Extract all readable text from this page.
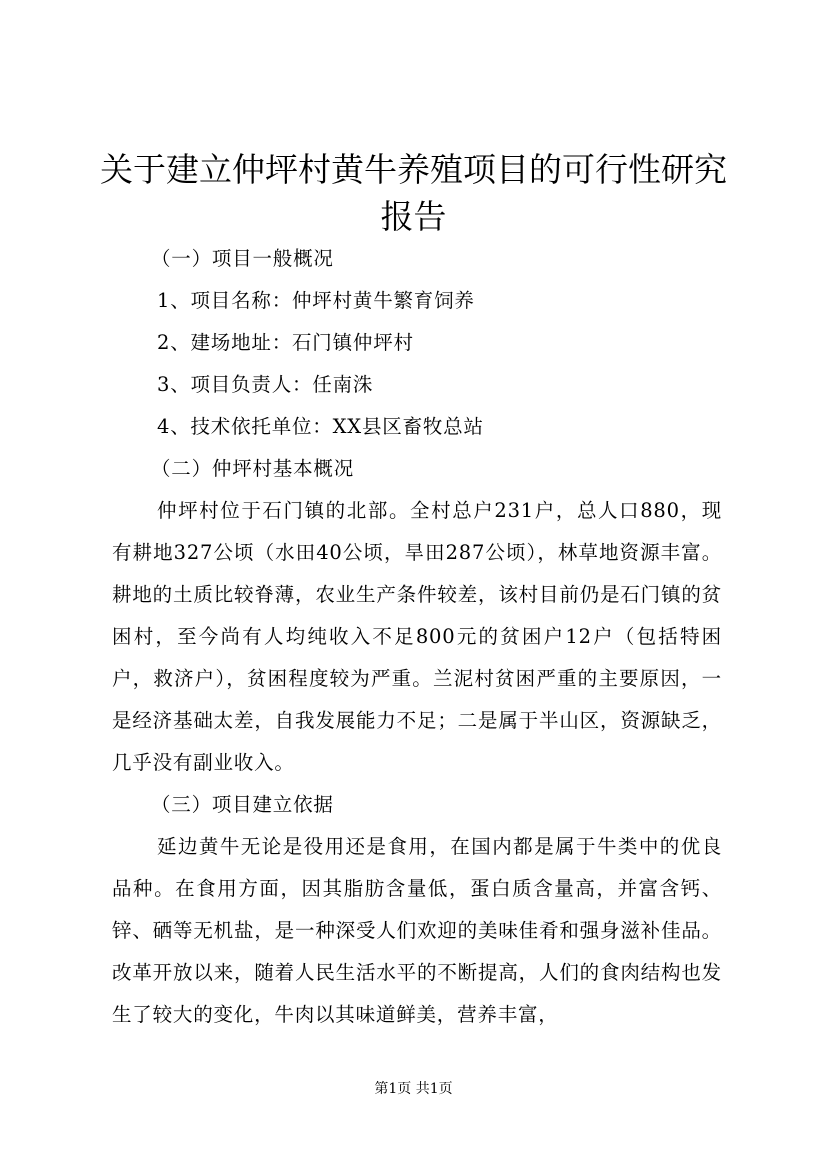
关于建立仲坪村黄牛养殖项目的可行性研究报告
（一）项目一般概况
1、项目名称：仲坪村黄牛繁育饲养
2、建场地址：石门镇仲坪村
3、项目负责人：任南洙
4、技术依托单位：XX县区畜牧总站
（二）仲坪村基本概况

仲坪村位于石门镇的北部。全村总户231户，总人口880，现有耕地327公顷（水田40公顷，旱田287公顷），林草地资源丰富。耕地的土质比较脊薄，农业生产条件较差，该村目前仍是石门镇的贫困村，至今尚有人均纯收入不足800元的贫困户12户（包括特困户，救济户），贫困程度较为严重。兰泥村贫困严重的主要原因，一是经济基础太差，自我发展能力不足；二是属于半山区，资源缺乏，几乎没有副业收入。

（三）项目建立依据

延边黄牛无论是役用还是食用，在国内都是属于牛类中的优良品种。在食用方面，因其脂肪含量低，蛋白质含量高，并富含钙、锌、硒等无机盐，是一种深受人们欢迎的美味佳肴和强身滋补佳品。改革开放以来，随着人民生活水平的不断提高，人们的食肉结构也发生了较大的变化，牛肉以其味道鲜美，营养丰富，

第1页 共1页
